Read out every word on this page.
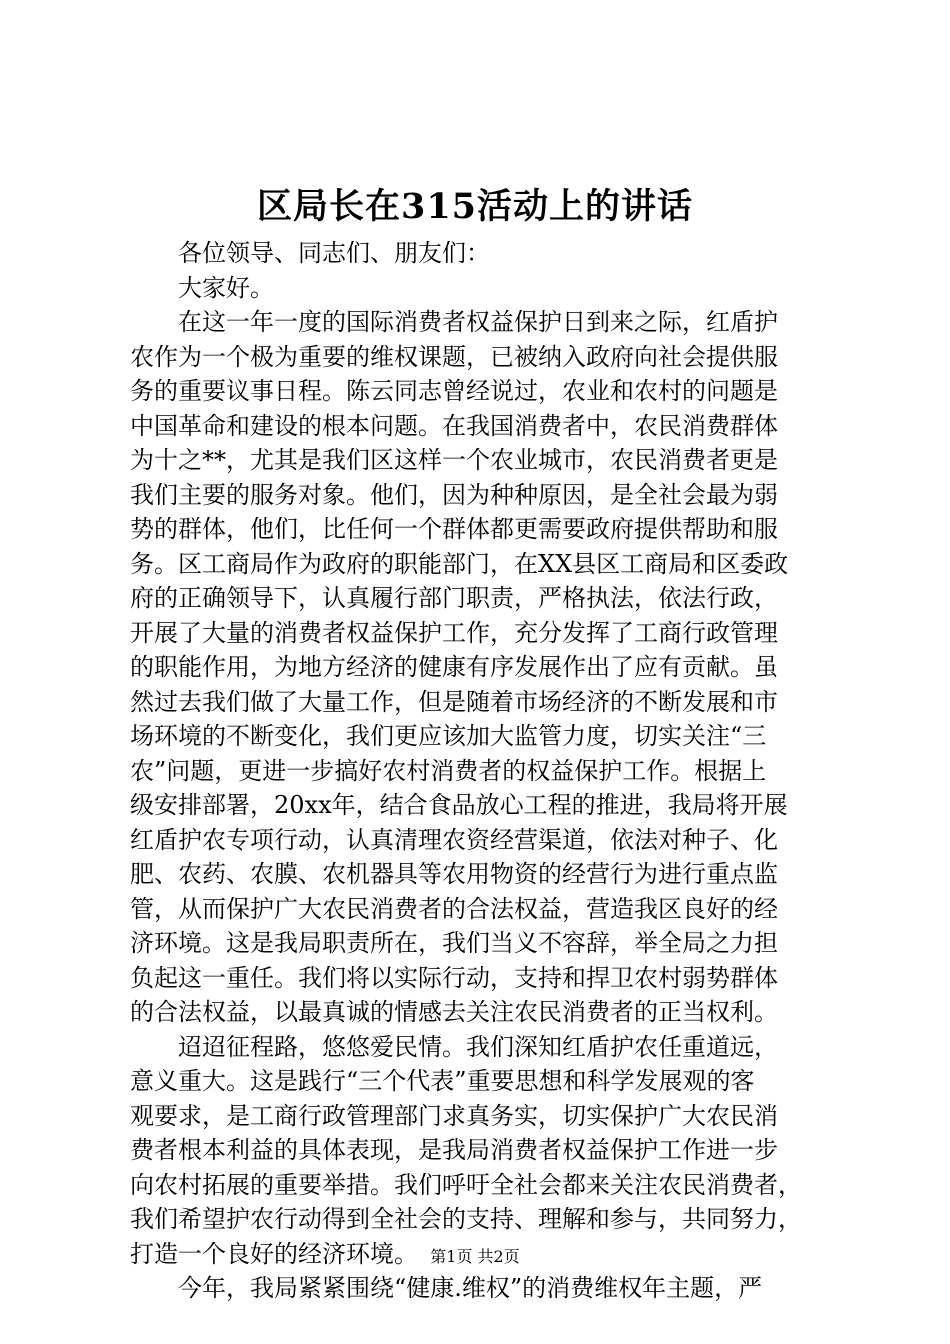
区局长在315活动上的讲话

各位领导、同志们、朋友们：

大家好。

在这一年一度的国际消费者权益保护日到来之际，红盾护
农作为一个极为重要的维权课题，已被纳入政府向社会提供服
务的重要议事日程。陈云同志曾经说过，农业和农村的问题是
中国革命和建设的根本问题。在我国消费者中，农民消费群体
为十之**，尤其是我们区这样一个农业城市，农民消费者更是
我们主要的服务对象。他们，因为种种原因，是全社会最为弱
势的群体，他们，比任何一个群体都更需要政府提供帮助和服
务。区工商局作为政府的职能部门，在XX县区工商局和区委政
府的正确领导下，认真履行部门职责，严格执法，依法行政，
开展了大量的消费者权益保护工作，充分发挥了工商行政管理
的职能作用，为地方经济的健康有序发展作出了应有贡献。虽
然过去我们做了大量工作，但是随着市场经济的不断发展和市
场环境的不断变化，我们更应该加大监管力度，切实关注“三
农”问题，更进一步搞好农村消费者的权益保护工作。根据上
级安排部署，20xx年，结合食品放心工程的推进，我局将开展
红盾护农专项行动，认真清理农资经营渠道，依法对种子、化
肥、农药、农膜、农机器具等农用物资的经营行为进行重点监
管，从而保护广大农民消费者的合法权益，营造我区良好的经
济环境。这是我局职责所在，我们当义不容辞，举全局之力担
负起这一重任。我们将以实际行动，支持和捍卫农村弱势群体
的合法权益，以最真诚的情感去关注农民消费者的正当权利。
迢迢征程路，悠悠爱民情。我们深知红盾护农任重道远，
意义重大。这是践行“三个代表”重要思想和科学发展观的客
观要求，是工商行政管理部门求真务实，切实保护广大农民消
费者根本利益的具体表现，是我局消费者权益保护工作进一步
向农村拓展的重要举措。我们呼吁全社会都来关注农民消费者，
我们希望护农行动得到全社会的支持、理解和参与，共同努力，
打造一个良好的经济环境。
今年，我局紧紧围绕“健康.维权”的消费维权年主题，严
第1页 共2页
